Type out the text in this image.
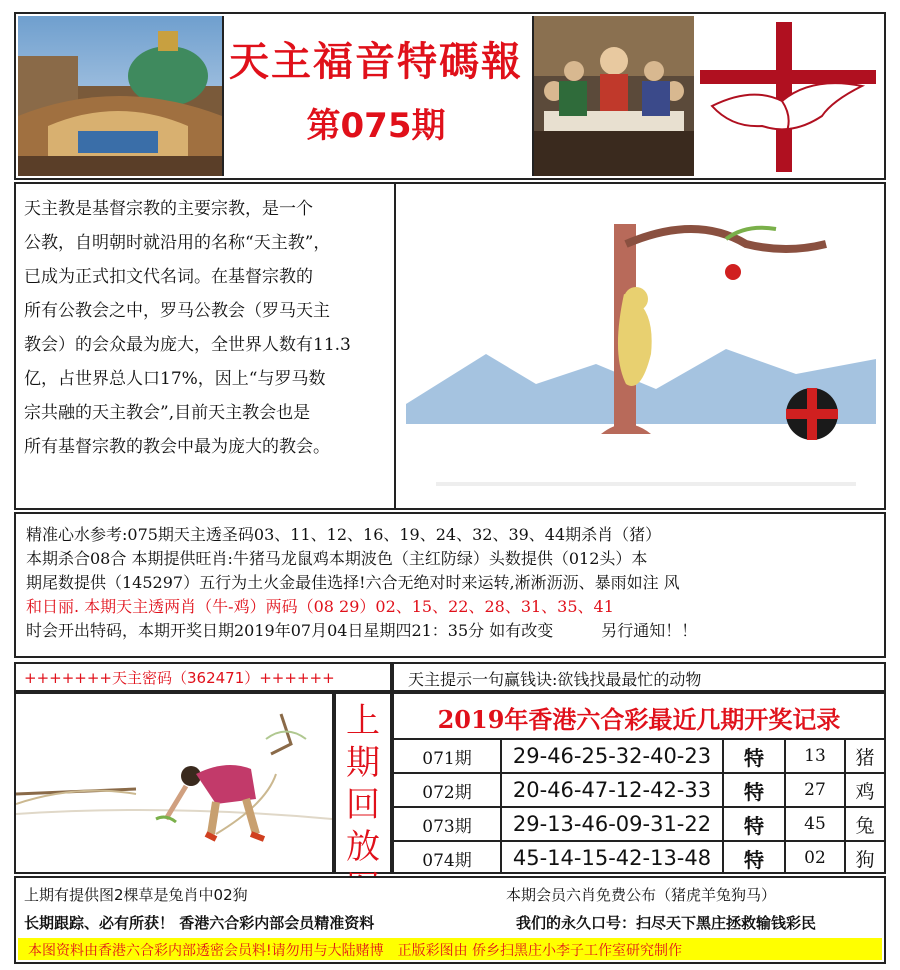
天主福音特碼報
第075期
天主教是基督宗教的主要宗教，是一个
公教，自明朝时就沿用的名称“天主教”，
已成为正式扣文代名词。在基督宗教的
所有公教会之中，罗马公教会（罗马天主
教会）的会众最为庞大，全世界人数有11.3
亿，占世界总人口17%，因上“与罗马数
宗共融的天主教会”,目前天主教会也是
所有基督宗教的教会中最为庞大的教会。
精准心水参考:075期天主透圣码03、11、12、16、19、24、32、39、44期杀肖（猪）
本期杀合08合 本期提供旺肖:牛猪马龙鼠鸡本期波色（主红防绿）头数提供（012头）本
期尾数提供（145297）五行为土火金最佳选择!六合无绝对时来运转,淅淅沥沥、暴雨如注 风
和日丽. 本期天主透两肖（牛-鸡）两码（08 29）02、15、22、28、31、35、41
时会开出特码，本期开奖日期2019年07月04日星期四21：35分 如有改变　　　另行通知！！
+++++++天主密码（362471）++++++	天主提示一句赢钱诀:欲钱找最最忙的动物
上
期
回
放
2019年香港六合彩最近几期开奖记录
071期	29-46-25-32-40-23	特	13	猪
072期	20-46-47-12-42-33	特	27	鸡
073期	29-13-46-09-31-22	特	45	兔
074期	45-14-15-42-13-48	特	02	狗
上期有提供图2棵草是兔肖中02狗	本期会员六肖免费公布（猪虎羊兔狗马）
长期跟踪、必有所获！ 香港六合彩内部会员精准资料	我们的永久口号：扫尽天下黑庄拯救输钱彩民
本图资料由香港六合彩内部透密会员料!请勿用与大陆赌博　正版彩图由 侨乡扫黑庄小李子工作室研究制作
